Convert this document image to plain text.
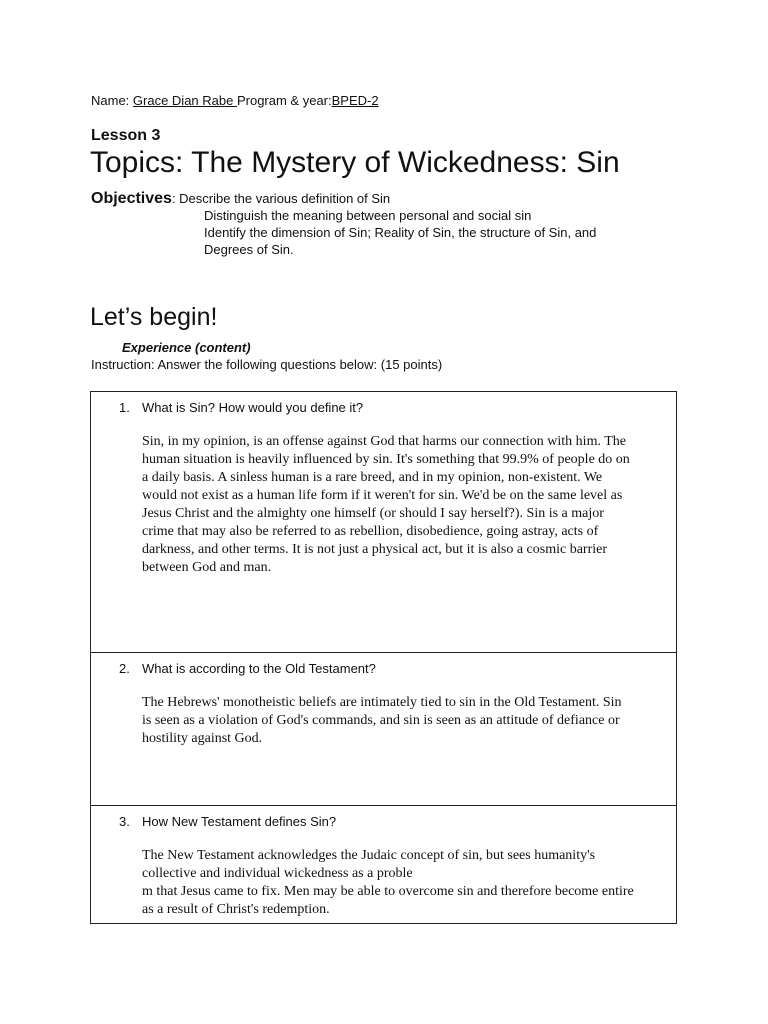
Name: Grace Dian Rabe Program & year:BPED-2
Lesson 3
Topics: The Mystery of Wickedness: Sin
Objectives: Describe the various definition of Sin
Distinguish the meaning between personal and social sin
Identify the dimension of Sin; Reality of Sin, the structure of Sin, and
Degrees of Sin.
Let’s begin!
Experience (content)
Instruction: Answer the following questions below: (15 points)
1. What is Sin? How would you define it?
Sin, in my opinion, is an offense against God that harms our connection with him. The
human situation is heavily influenced by sin. It's something that 99.9% of people do on
a daily basis. A sinless human is a rare breed, and in my opinion, non-existent. We
would not exist as a human life form if it weren't for sin. We'd be on the same level as
Jesus Christ and the almighty one himself (or should I say herself?). Sin is a major
crime that may also be referred to as rebellion, disobedience, going astray, acts of
darkness, and other terms. It is not just a physical act, but it is also a cosmic barrier
between God and man.
2. What is according to the Old Testament?
The Hebrews' monotheistic beliefs are intimately tied to sin in the Old Testament. Sin
is seen as a violation of God's commands, and sin is seen as an attitude of defiance or
hostility against God.
3. How New Testament defines Sin?
The New Testament acknowledges the Judaic concept of sin, but sees humanity's
collective and individual wickedness as a proble
m that Jesus came to fix. Men may be able to overcome sin and therefore become entire
as a result of Christ's redemption.
